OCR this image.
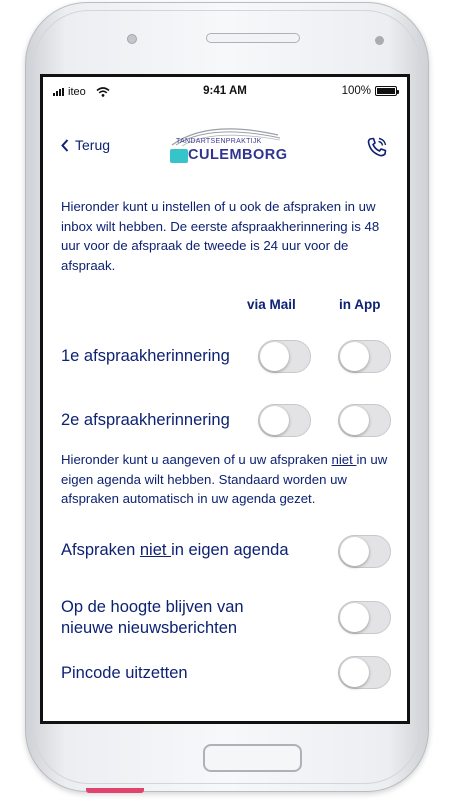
iteo	9:41 AM	100%
Terug	TANDARTSENPRAKTIJK
CULEMBORG
Hieronder kunt u instellen of u ook de afspraken in uw inbox wilt hebben. De eerste afspraakherinnering is 48 uur voor de afspraak de tweede is 24 uur voor de afspraak.
via Mail	in App
1e afspraakherinnering
2e afspraakherinnering
Hieronder kunt u aangeven of u uw afspraken niet in uw eigen agenda wilt hebben. Standaard worden uw afspraken automatisch in uw agenda gezet.
Afspraken niet in eigen agenda
Op de hoogte blijven van
nieuwe nieuwsberichten
Pincode uitzetten
